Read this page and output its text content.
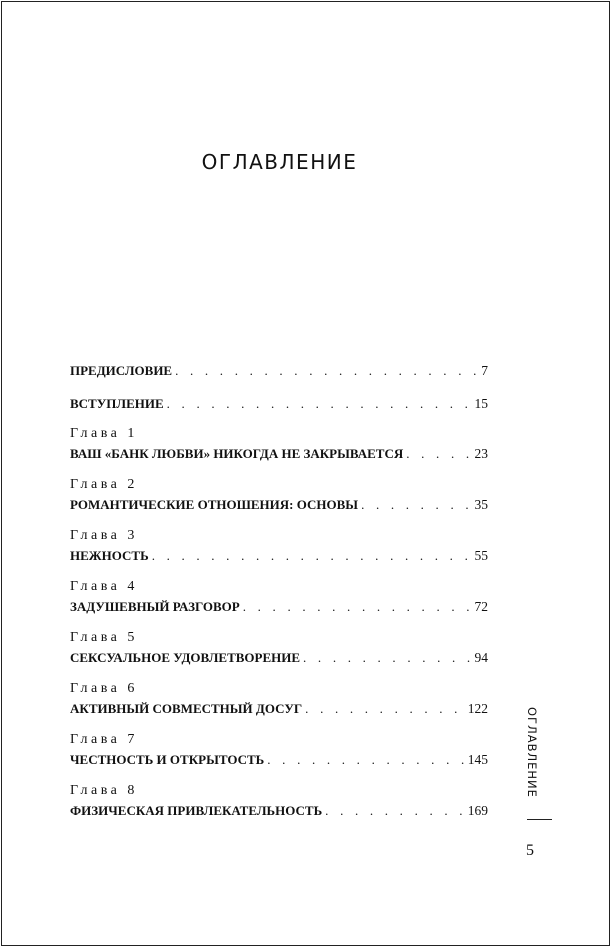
ОГЛАВЛЕНИЕ
ПРЕДИСЛОВИЕ . . .	7
ВСТУПЛЕНИЕ . . .	15
Глава 1
ВАШ «БАНК ЛЮБВИ» НИКОГДА НЕ ЗАКРЫВАЕТСЯ . . .	23
Глава 2
РОМАНТИЧЕСКИЕ ОТНОШЕНИЯ: ОСНОВЫ . . .	35
Глава 3
НЕЖНОСТЬ . . .	55
Глава 4
ЗАДУШЕВНЫЙ РАЗГОВОР . . .	72
Глава 5
СЕКСУАЛЬНОЕ УДОВЛЕТВОРЕНИЕ . . .	94
Глава 6
АКТИВНЫЙ СОВМЕСТНЫЙ ДОСУГ . . .	122
Глава 7
ЧЕСТНОСТЬ И ОТКРЫТОСТЬ . . .	145
Глава 8
ФИЗИЧЕСКАЯ ПРИВЛЕКАТЕЛЬНОСТЬ . . .	169
ОГЛАВЛЕНИЕ
5
